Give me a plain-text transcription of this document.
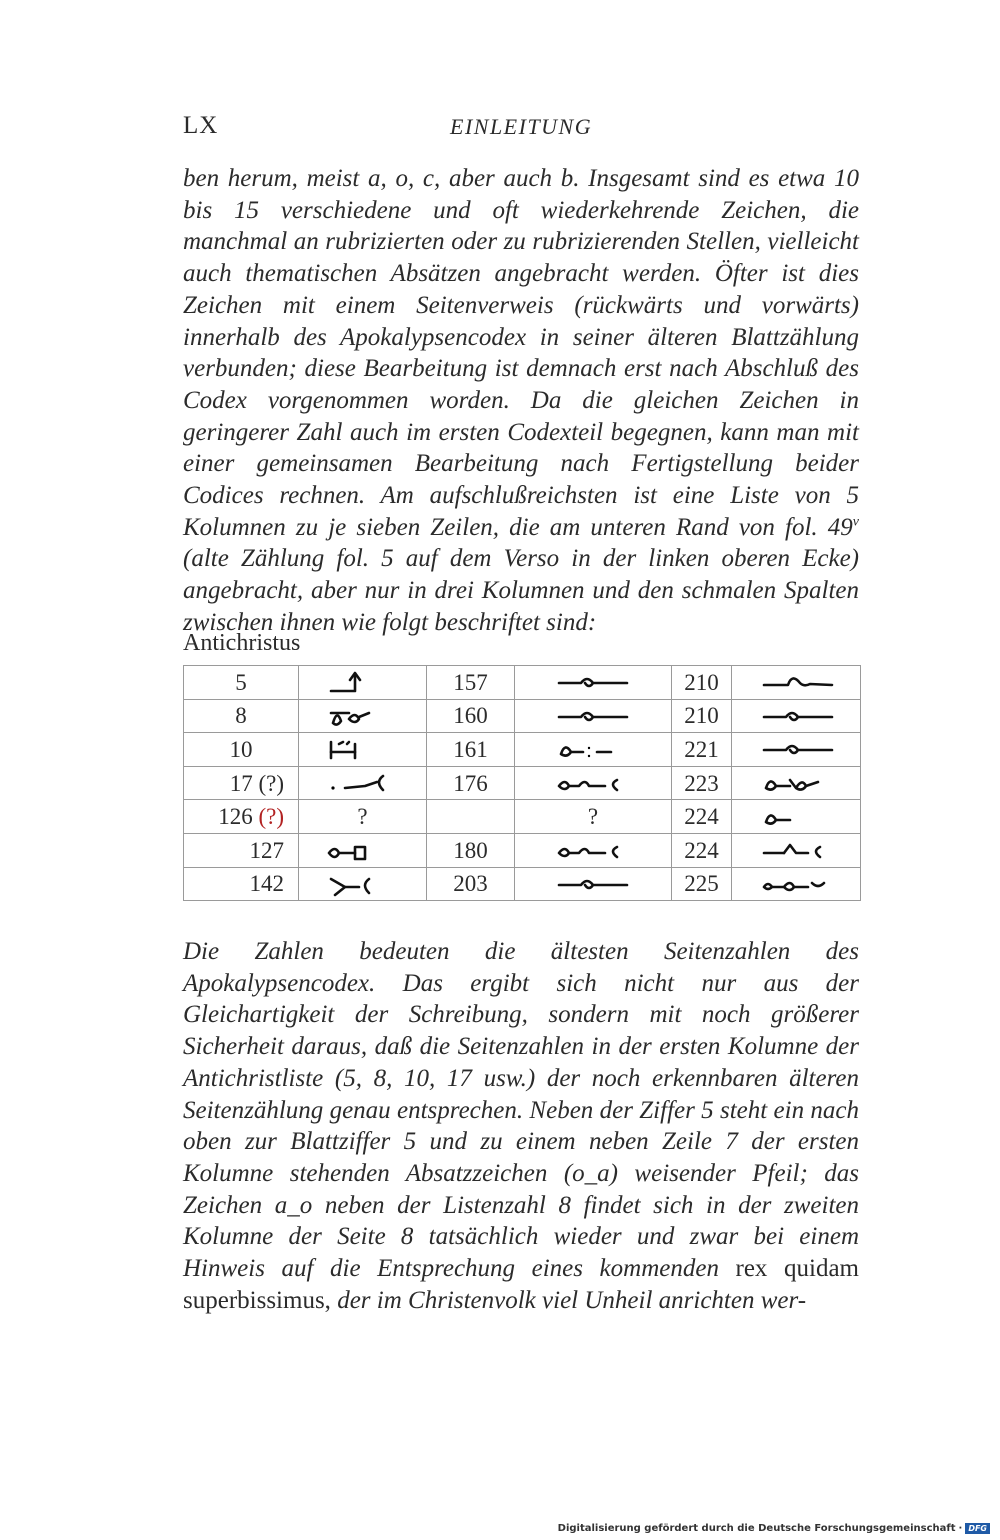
LX	EINLEITUNG

ben herum, meist a, o, c, aber auch b. Insgesamt sind es etwa 10 bis 15 verschiedene und oft wiederkehrende Zeichen, die manchmal an rubrizierten oder zu rubrizierenden Stellen, vielleicht auch thematischen Absätzen angebracht werden. Öfter ist dies Zeichen mit einem Seitenverweis (rückwärts und vorwärts) innerhalb des Apokalypsencodex in seiner älteren Blattzählung verbunden; diese Bearbeitung ist demnach erst nach Abschluß des Codex vorgenommen worden. Da die gleichen Zeichen in geringerer Zahl auch im ersten Codexteil begegnen, kann man mit einer gemeinsamen Bearbeitung nach Fertigstellung beider Codices rechnen. Am aufschlußreichsten ist eine Liste von 5 Kolumnen zu je sieben Zeilen, die am unteren Rand von fol. 49$^v$ (alte Zählung fol. 5 auf dem Verso in der linken oberen Ecke) angebracht, aber nur in drei Kolumnen und den schmalen Spalten zwischen ihnen wie folgt beschriftet sind:

Antichristus
5		157		210	
8		160		210	
10		161		221	
17 (?)		176		223	
126 (?)	?		?	224	
127		180		224	
142		203		225	

Die Zahlen bedeuten die ältesten Seitenzahlen des Apokalypsencodex. Das ergibt sich nicht nur aus der Gleichartigkeit der Schreibung, sondern mit noch größerer Sicherheit daraus, daß die Seitenzahlen in der ersten Kolumne der Antichristliste (5, 8, 10, 17 usw.) der noch erkennbaren älteren Seitenzählung genau entsprechen. Neben der Ziffer 5 steht ein nach oben zur Blattziffer 5 und zu einem neben Zeile 7 der ersten Kolumne stehenden Absatzzeichen (o_a) weisender Pfeil; das Zeichen a_o neben der Listenzahl 8 findet sich in der zweiten Kolumne der Seite 8 tatsächlich wieder und zwar bei einem Hinweis auf die Entsprechung eines kommenden rex quidam superbissimus, der im Christenvolk viel Unheil anrichten wer-

Digitalisierung gefördert durch die Deutsche Forschungsgemeinschaft · DFG
